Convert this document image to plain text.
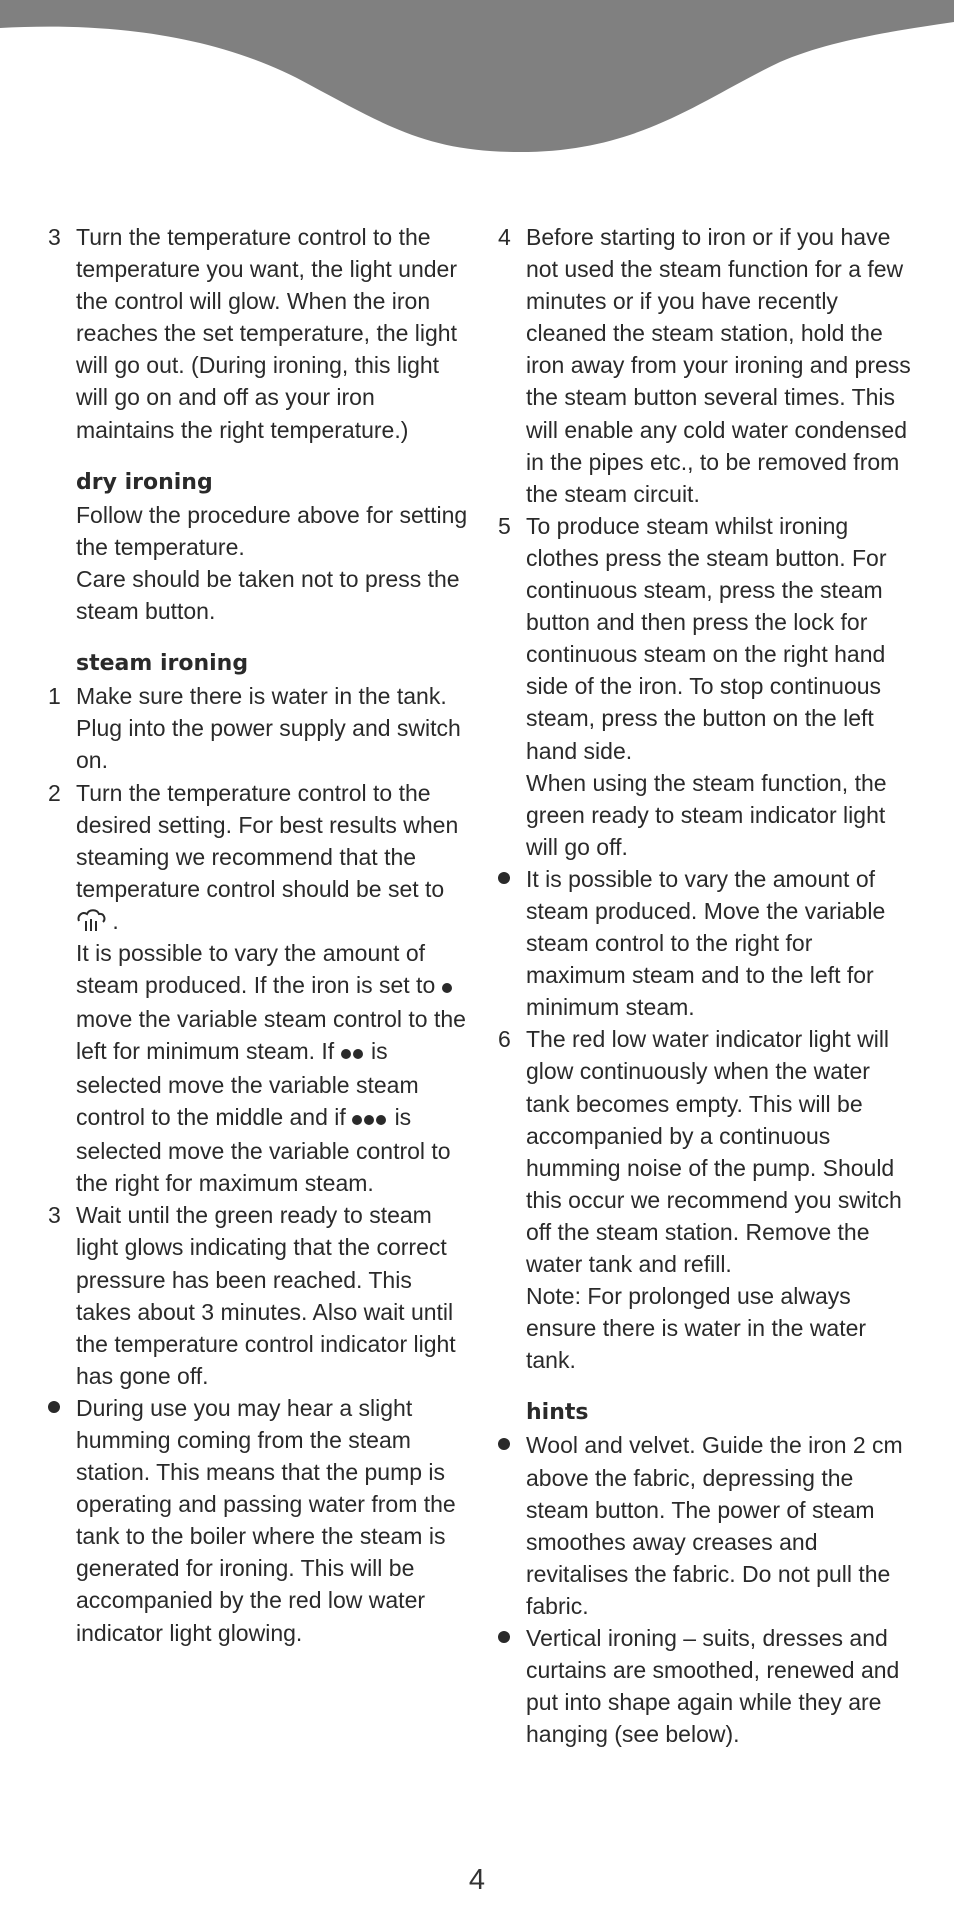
3 Turn the temperature control to the temperature you want, the light under the control will glow. When the iron reaches the set temperature, the light will go out. (During ironing, this light will go on and off as your iron maintains the right temperature.)
dry ironing
Follow the procedure above for setting the temperature.
Care should be taken not to press the steam button.
steam ironing
1 Make sure there is water in the tank. Plug into the power supply and switch on.
2 Turn the temperature control to the desired setting. For best results when steaming we recommend that the temperature control should be set to  .
It is possible to vary the amount of steam produced. If the iron is set to  move the variable steam control to the left for minimum steam. If is selected move the variable steam control to the middle and if is selected move the variable control to the right for maximum steam.
3 Wait until the green ready to steam light glows indicating that the correct pressure has been reached. This takes about 3 minutes. Also wait until the temperature control indicator light has gone off.
During use you may hear a slight humming coming from the steam station. This means that the pump is operating and passing water from the tank to the boiler where the steam is generated for ironing. This will be accompanied by the red low water indicator light glowing.
4 Before starting to iron or if you have not used the steam function for a few minutes or if you have recently cleaned the steam station, hold the iron away from your ironing and press the steam button several times. This will enable any cold water condensed in the pipes etc., to be removed from the steam circuit.
5 To produce steam whilst ironing clothes press the steam button. For continuous steam, press the steam button and then press the lock for continuous steam on the right hand side of the iron. To stop continuous steam, press the button on the left hand side.
When using the steam function, the green ready to steam indicator light will go off.
It is possible to vary the amount of steam produced. Move the variable steam control to the right for maximum steam and to the left for minimum steam.
6 The red low water indicator light will glow continuously when the water tank becomes empty. This will be accompanied by a continuous humming noise of the pump. Should this occur we recommend you switch off the steam station. Remove the water tank and refill.
Note: For prolonged use always ensure there is water in the water tank.
hints
Wool and velvet. Guide the iron 2 cm above the fabric, depressing the steam button. The power of steam smoothes away creases and revitalises the fabric. Do not pull the fabric.
Vertical ironing – suits, dresses and curtains are smoothed, renewed and put into shape again while they are hanging (see below).
4
